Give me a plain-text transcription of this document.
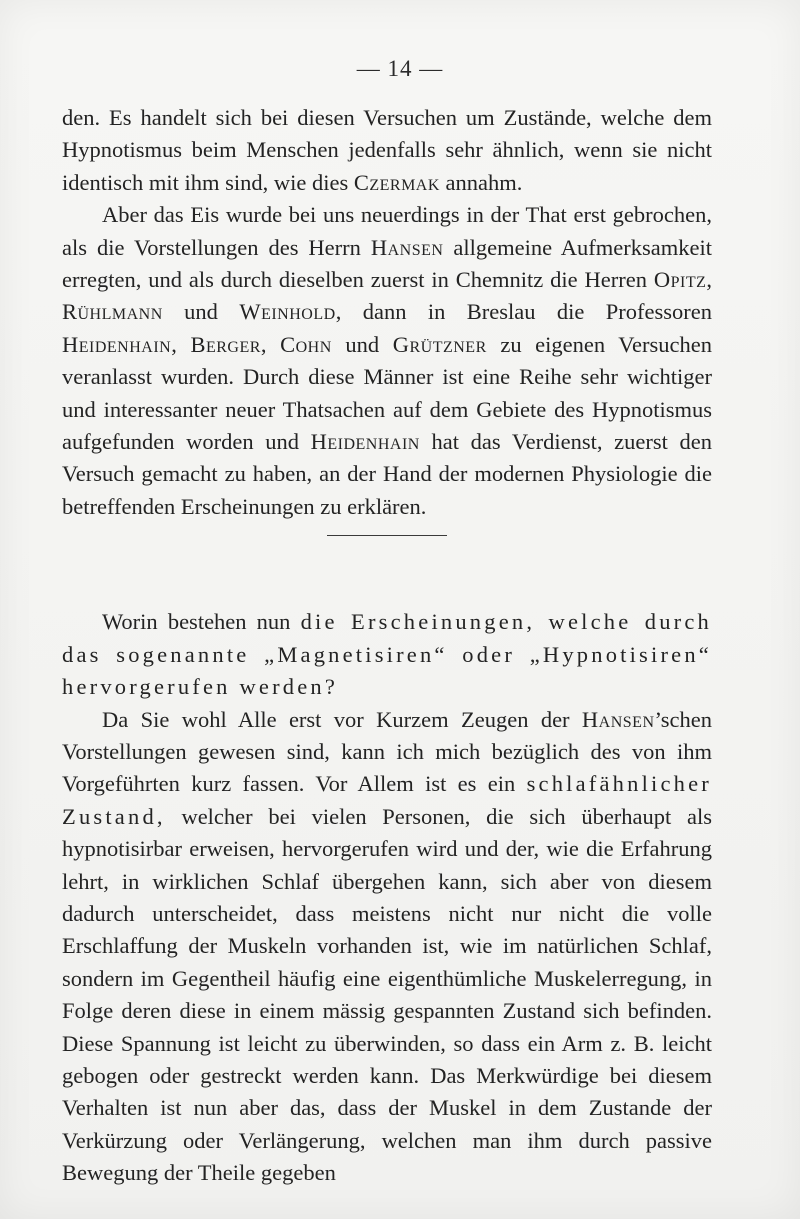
— 14 —

den. Es handelt sich bei diesen Versuchen um Zustände, welche dem Hypnotismus beim Menschen jedenfalls sehr ähnlich, wenn sie nicht identisch mit ihm sind, wie dies Czermak annahm.

Aber das Eis wurde bei uns neuerdings in der That erst gebrochen, als die Vorstellungen des Herrn Hansen allgemeine Aufmerksamkeit erregten, und als durch dieselben zuerst in Chemnitz die Herren Opitz, Rühlmann und Weinhold, dann in Breslau die Professoren Heidenhain, Berger, Cohn und Grützner zu eigenen Versuchen veranlasst wurden. Durch diese Männer ist eine Reihe sehr wichtiger und interessanter neuer Thatsachen auf dem Gebiete des Hypnotismus aufgefunden worden und Heidenhain hat das Verdienst, zuerst den Versuch gemacht zu haben, an der Hand der modernen Physiologie die betreffenden Erscheinungen zu erklären.

Worin bestehen nun die Erscheinungen, welche durch das sogenannte „Magnetisiren“ oder „Hypnotisiren“ hervorgerufen werden?

Da Sie wohl Alle erst vor Kurzem Zeugen der Hansen’schen Vorstellungen gewesen sind, kann ich mich bezüglich des von ihm Vorgeführten kurz fassen. Vor Allem ist es ein schlafähnlicher Zustand, welcher bei vielen Personen, die sich überhaupt als hypnotisirbar erweisen, hervorgerufen wird und der, wie die Erfahrung lehrt, in wirklichen Schlaf übergehen kann, sich aber von diesem dadurch unterscheidet, dass meistens nicht nur nicht die volle Erschlaffung der Muskeln vorhanden ist, wie im natürlichen Schlaf, sondern im Gegentheil häufig eine eigenthümliche Muskelerregung, in Folge deren diese in einem mässig gespannten Zustand sich befinden. Diese Spannung ist leicht zu überwinden, so dass ein Arm z. B. leicht gebogen oder gestreckt werden kann. Das Merkwürdige bei diesem Verhalten ist nun aber das, dass der Muskel in dem Zustande der Verkürzung oder Verlängerung, welchen man ihm durch passive Bewegung der Theile gegeben
